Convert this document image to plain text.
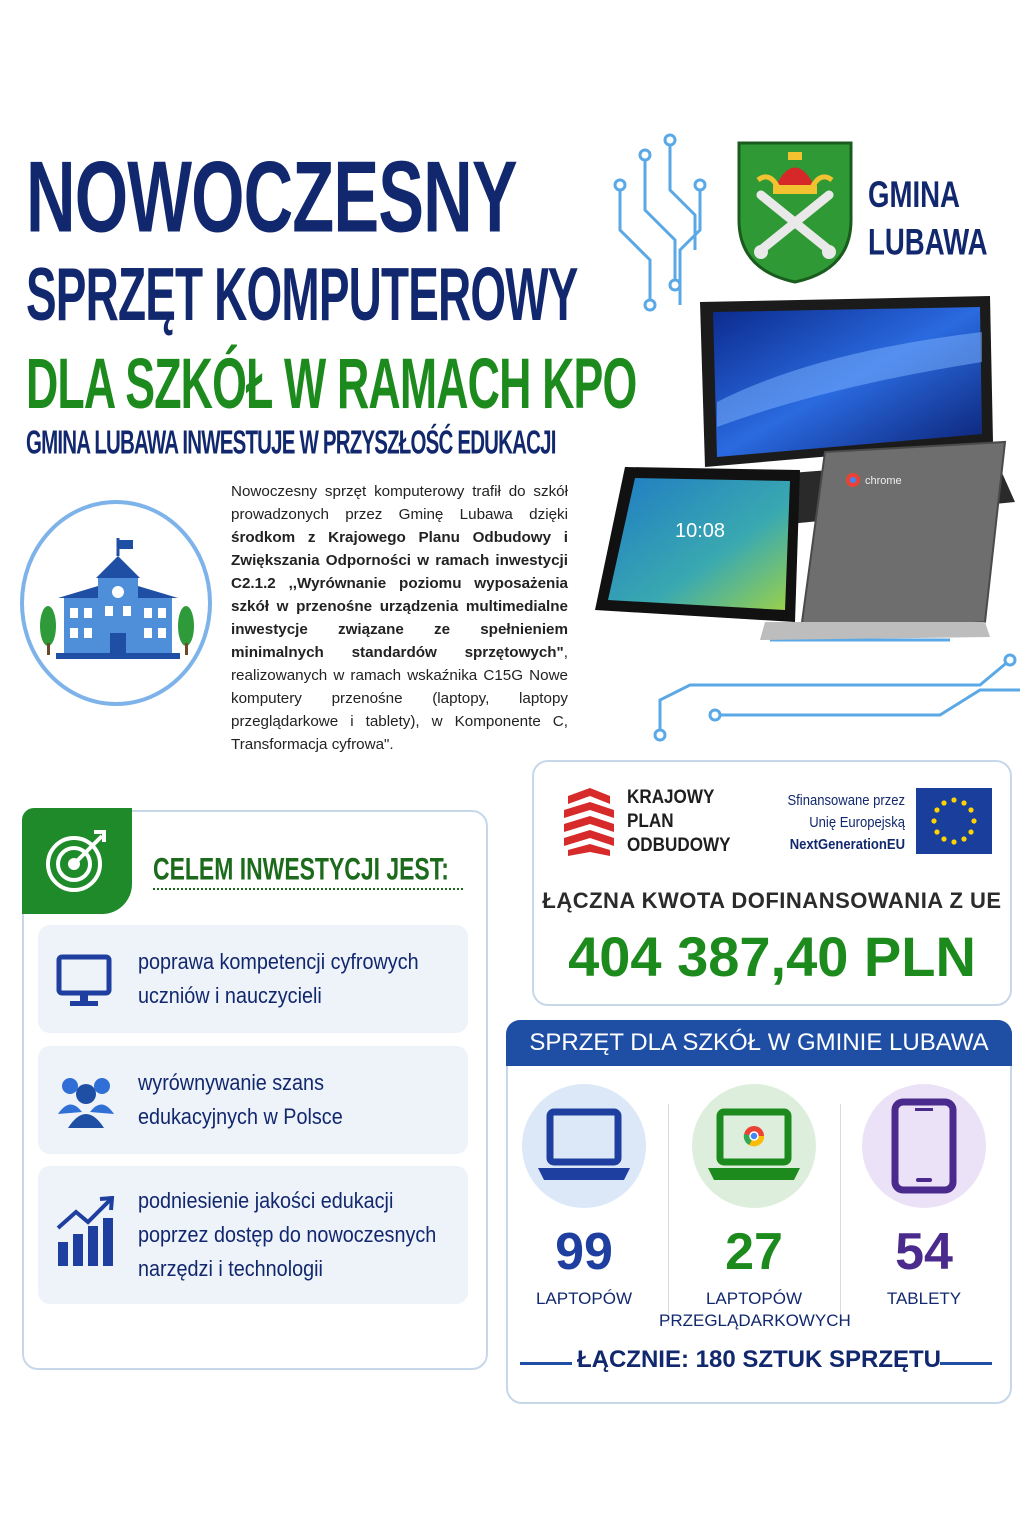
NOWOCZESNY
SPRZĘT KOMPUTEROWY
DLA SZKÓŁ W RAMACH KPO
GMINA LUBAWA INWESTUJE W PRZYSZŁOŚĆ EDUKACJI
GMINA
LUBAWA
chrome
10:08
Nowoczesny sprzęt komputerowy trafił do szkół prowadzonych przez Gminę Lubawa dzięki środkom z Krajowego Planu Odbudowy i Zwiększania Odporności w ramach inwestycji C2.1.2 ,,Wyrównanie poziomu wyposażenia szkół w przenośne urządzenia multimedialne inwestycje związane ze spełnieniem minimalnych standardów sprzętowych", realizowanych w ramach wskaźnika C15G Nowe komputery przenośne (laptopy, laptopy przeglądarkowe i tablety), w Komponente C, Transformacja cyfrowa".
CELEM INWESTYCJI JEST:
poprawa kompetencji cyfrowych
uczniów i nauczycieli
wyrównywanie szans
edukacyjnych w Polsce
podniesienie jakości edukacji
poprzez dostęp do nowoczesnych
narzędzi i technologii
KRAJOWY
PLAN
ODBUDOWY
Sfinansowane przez
Unię Europejską
NextGenerationEU
ŁĄCZNA KWOTA DOFINANSOWANIA Z UE
404 387,40 PLN
SPRZĘT DLA SZKÓŁ W GMINIE LUBAWA
99
LAPTOPÓW
27
LAPTOPÓW
PRZEGLĄDARKOWYCH
54
TABLETY
ŁĄCZNIE: 180 SZTUK SPRZĘTU
